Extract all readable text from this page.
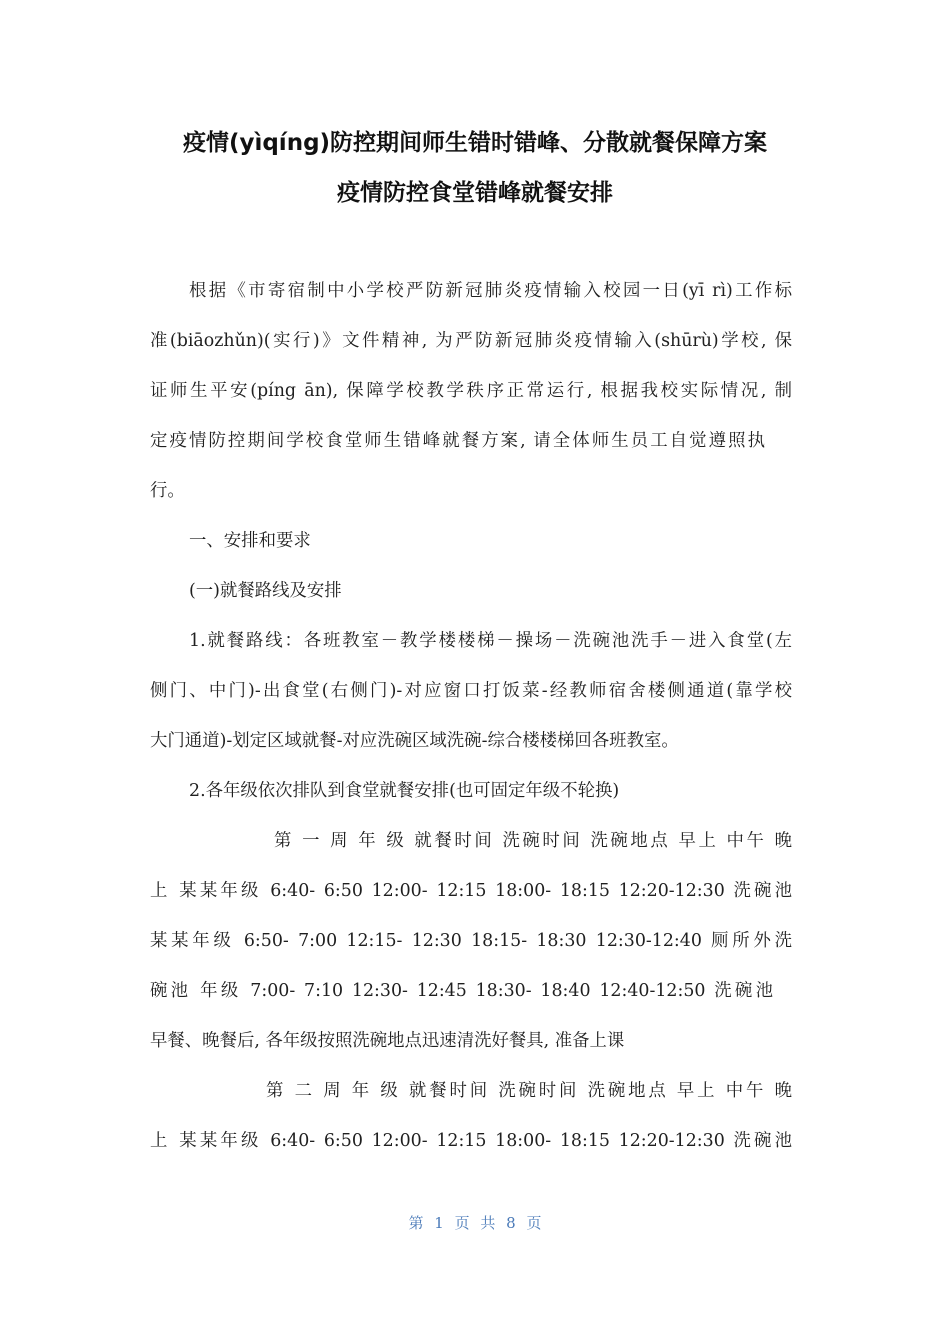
疫情(yìqíng)防控期间师生错时错峰、分散就餐保障方案
疫情防控食堂错峰就餐安排
根据《市寄宿制中小学校严防新冠肺炎疫情输入校园一日(yī rì)工作标
准(biāozhǔn)(实行)》文件精神, 为严防新冠肺炎疫情输入(shūrù)学校, 保
证师生平安(píng ān), 保障学校教学秩序正常运行, 根据我校实际情况, 制
定疫情防控期间学校食堂师生错峰就餐方案, 请全体师生员工自觉遵照执
行。
一、安排和要求
(一)就餐路线及安排
1.就餐路线：各班教室－教学楼楼梯－操场－洗碗池洗手－进入食堂(左
侧门、中门)-出食堂(右侧门)-对应窗口打饭菜-经教师宿舍楼侧通道(靠学校
大门通道)-划定区域就餐-对应洗碗区域洗碗-综合楼楼梯回各班教室。
2.各年级依次排队到食堂就餐安排(也可固定年级不轮换)
第 一 周 年 级 就餐时间 洗碗时间 洗碗地点 早上 中午 晚
上 某某年级 6:40- 6:50 12:00- 12:15 18:00- 18:15 12:20-12:30 洗碗池
某某年级 6:50- 7:00 12:15- 12:30 18:15- 18:30 12:30-12:40 厕所外洗
碗池 年级 7:00- 7:10 12:30- 12:45 18:30- 18:40 12:40-12:50 洗碗池
早餐、晚餐后, 各年级按照洗碗地点迅速清洗好餐具, 准备上课
第 二 周 年 级 就餐时间 洗碗时间 洗碗地点 早上 中午 晚
上 某某年级 6:40- 6:50 12:00- 12:15 18:00- 18:15 12:20-12:30 洗碗池
第 1 页 共 8 页
